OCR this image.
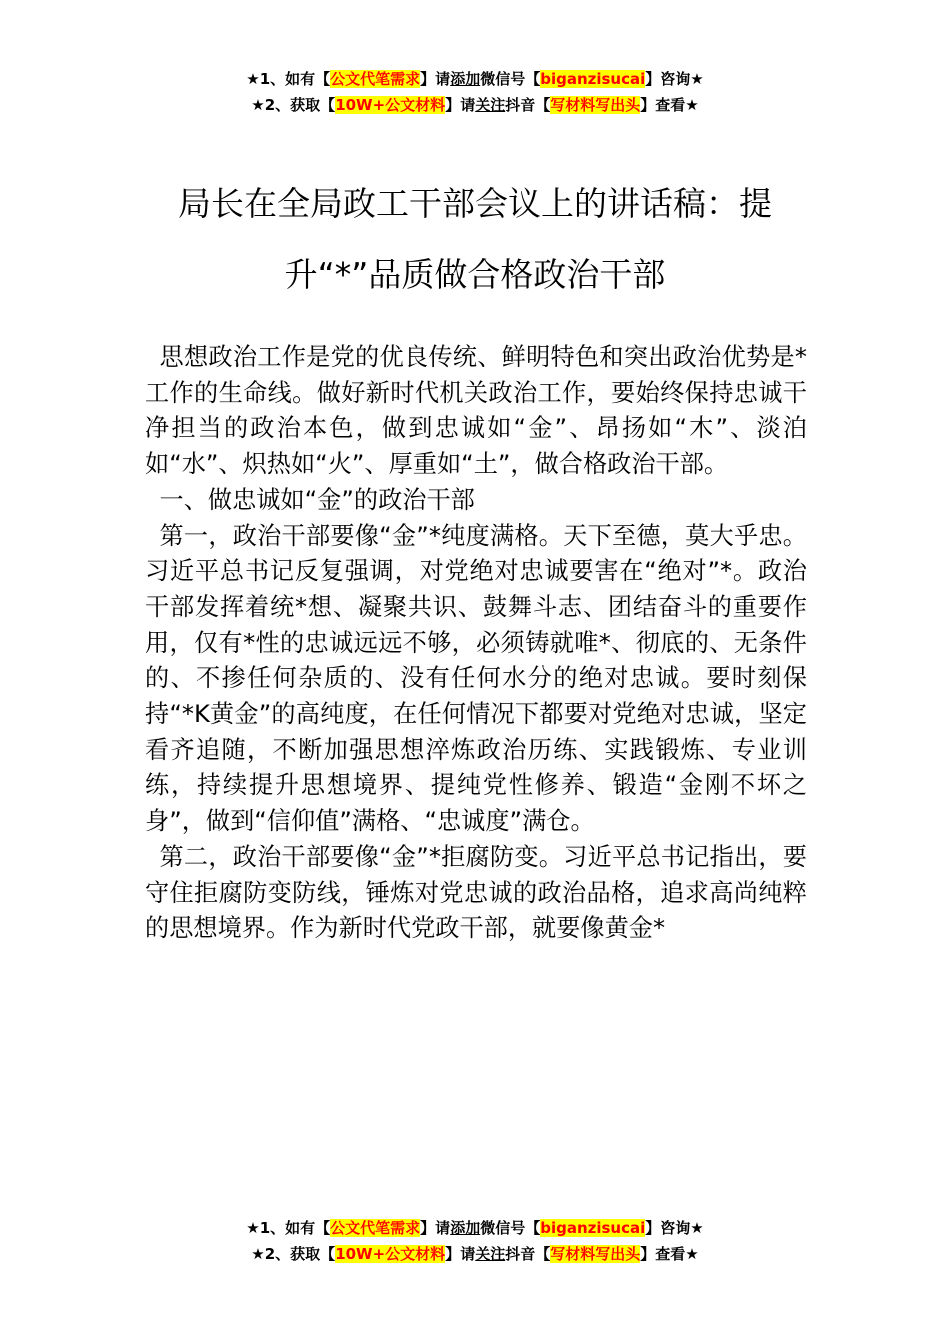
★1、如有【公文代笔需求】请添加微信号【biganzisucai】咨询★
★2、获取【10W+公文材料】请关注抖音【写材料写出头】查看★
局长在全局政工干部会议上的讲话稿：提升“*”品质做合格政治干部

思想政治工作是党的优良传统、鲜明特色和突出政治优势是*工作的生命线。做好新时代机关政治工作，要始终保持忠诚干净担当的政治本色，做到忠诚如“金”、昂扬如“木”、淡泊如“水”、炽热如“火”、厚重如“土”，做合格政治干部。

一、做忠诚如“金”的政治干部

第一，政治干部要像“金”*纯度满格。天下至德，莫大乎忠。习近平总书记反复强调，对党绝对忠诚要害在“绝对”*。政治干部发挥着统*想、凝聚共识、鼓舞斗志、团结奋斗的重要作用，仅有*性的忠诚远远不够，必须铸就唯*、彻底的、无条件的、不掺任何杂质的、没有任何水分的绝对忠诚。要时刻保持“*K黄金”的高纯度，在任何情况下都要对党绝对忠诚，坚定看齐追随，不断加强思想淬炼政治历练、实践锻炼、专业训练，持续提升思想境界、提纯党性修养、锻造“金刚不坏之身”，做到“信仰值”满格、“忠诚度”满仓。

第二，政治干部要像“金”*拒腐防变。习近平总书记指出，要守住拒腐防变防线，锤炼对党忠诚的政治品格，追求高尚纯粹的思想境界。作为新时代党政干部，就要像黄金*

★1、如有【公文代笔需求】请添加微信号【biganzisucai】咨询★
★2、获取【10W+公文材料】请关注抖音【写材料写出头】查看★
